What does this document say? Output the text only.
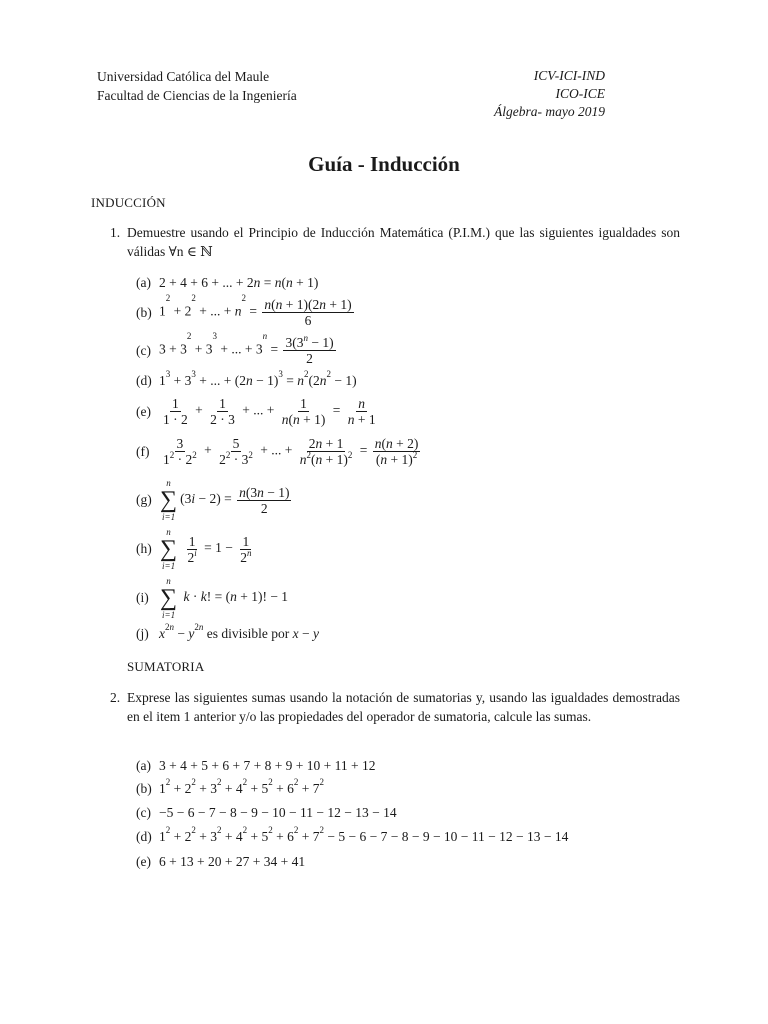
Universidad Católica del Maule
Facultad de Ciencias de la Ingeniería
ICV-ICI-IND
ICO-ICE
Álgebra- mayo 2019
Guía - Inducción
INDUCCIÓN
1. Demuestre usando el Principio de Inducción Matemática (P.I.M.) que las siguientes igualdades son válidas ∀n ∈ ℕ
(a) 2 + 4 + 6 + ... + 2n = n(n + 1)
(b) $1^2 + 2^2$ + ... + $n^2 = \frac{n(n + 1)(2n + 1)}{6}$
(c) $3 + 3^2 + 3^3$ + ... + $3^n = \frac{3(3^n - 1)}{2}$
(d) $1^3 + 3^3$ + ... + $(2n - 1)^3 = n^2(2n^2 - 1)$
$(e) \frac{1}{1 \cdot 2} + \frac{1}{2 \cdot 3}$ + ... + $\frac{1}{n(n + 1)} = \frac{n}{n + 1}$
$(f) \frac{3}{1^2 \cdot 2^2} + \frac{5}{2^2 \cdot 3^2}$ + ... + $\frac{2n + 1}{n^2(n + 1)^2} = \frac{n(n + 2)}{(n + 1)^2}$
(g)
n
∑
i=1
$(3i - 2) = \frac{n(3n - 1)}{2}$
(h)
n
∑
i=1

$\frac{1}{2^i} = 1 - \frac{1}{2^n}$
(i)
n
∑
i=1
k · k! = (n + 1)! − 1
(j) $x^{2n} - y^{2n}$ es divisible por x − y
SUMATORIA
2. Exprese las siguientes sumas usando la notación de sumatorias y, usando las igualdades demostradas en el item 1 anterior y/o las propiedades del operador de sumatoria, calcule las sumas.
(a) 3 + 4 + 5 + 6 + 7 + 8 + 9 + 10 + 11 + 12
(b) $1^2 + 2^2 + 3^2 + 4^2 + 5^2 + 6^2 + 7^2$
(c) −5 − 6 − 7 − 8 − 9 − 10 − 11 − 12 − 13 − 14
(d) $1^2 + 2^2 + 3^2 + 4^2 + 5^2 + 6^2 + 7^2 - 5 - 6 - 7 - 8 - 9 - 10 - 11 - 12 - 13 - 14$
(e) 6 + 13 + 20 + 27 + 34 + 41
